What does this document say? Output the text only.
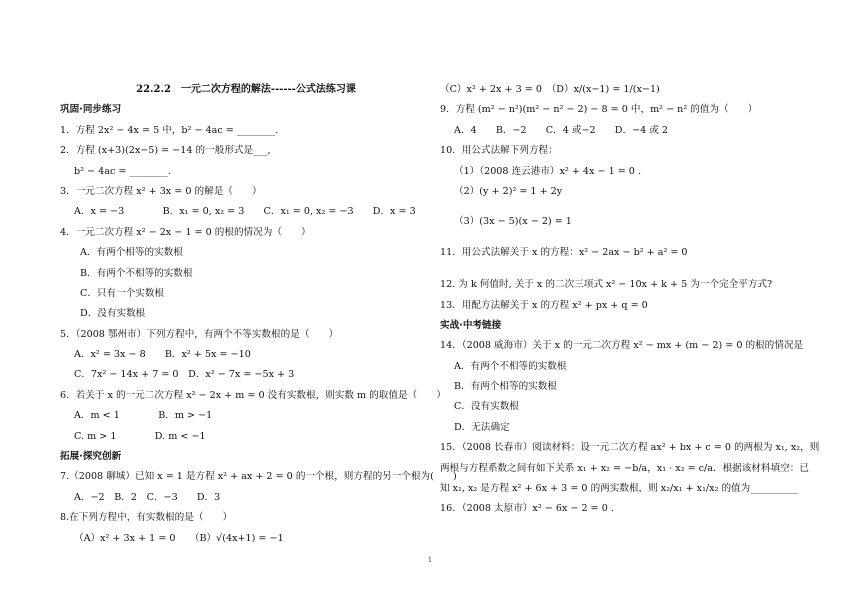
22.2.2　一元二次方程的解法------公式法练习课
巩固·同步练习
1．方程 2x² − 4x = 5 中，b² − 4ac = ________.
2．方程 (x+3)(2x−5) = −14 的一般形式是___,
b² − 4ac = ________.
3．一元二次方程 x² + 3x = 0 的解是（　　）
A．x = −3　　　　B．x₁ = 0, x₂ = 3　　C．x₁ = 0, x₂ = −3　　D．x = 3
4．一元二次方程 x² − 2x − 1 = 0 的根的情况为（　　）
A．有两个相等的实数根
B．有两个不相等的实数根
C．只有一个实数根
D．没有实数根
5．（2008 鄂州市）下列方程中，有两个不等实数根的是（　　）
A．x² = 3x − 8　　B．x² + 5x = −10
C．7x² − 14x + 7 = 0　D．x² − 7x = −5x + 3
6．若关于 x 的一元二次方程 x² − 2x + m = 0 没有实数根，则实数 m 的取值是（　　）
A．m < 1　　　　B．m > −1
C. m > 1　　　　D. m < −1
拓展·探究创新
7.（2008 聊城）已知 x = 1 是方程 x² + ax + 2 = 0 的一个根，则方程的另一个根为(　　)
A．−2　B．2　C．−3　　D．3
8.在下列方程中，有实数根的是（　　）
（A）x² + 3x + 1 = 0　　（B）√(4x+1) = −1
（C）x² + 2x + 3 = 0　（D）x/(x−1) = 1/(x−1)
9．方程 (m² − n²)(m² − n² − 2) − 8 = 0 中，m² − n² 的值为（　　）
A．4　　B．−2　　C．4 或−2　　D．−4 或 2
10．用公式法解下列方程：
（1）（2008 连云港市）x² + 4x − 1 = 0 .
（2）(y + 2)² = 1 + 2y
（3）(3x − 5)(x − 2) = 1
11．用公式法解关于 x 的方程：x² − 2ax − b² + a² = 0
12. 为 k 何值时, 关于 x 的二次三项式 x² − 10x + k + 5 为一个完全平方式?
13．用配方法解关于 x 的方程 x² + px + q = 0
实战·中考链接
14．（2008 威海市）关于 x 的一元二次方程 x² − mx + (m − 2) = 0 的根的情况是
A．有两个不相等的实数根
B．有两个相等的实数根
C．没有实数根
D．无法确定
15．（2008 长春市）阅读材料：设一元二次方程 ax² + bx + c = 0 的两根为 x₁, x₂，则
两根与方程系数之间有如下关系 x₁ + x₂ = −b/a，x₁ · x₂ = c/a．根据该材料填空：已
知 x₁, x₂ 是方程 x² + 6x + 3 = 0 的两实数根，则 x₂/x₁ + x₁/x₂ 的值为__________
16．（2008 太原市）x² − 6x − 2 = 0 .
1
